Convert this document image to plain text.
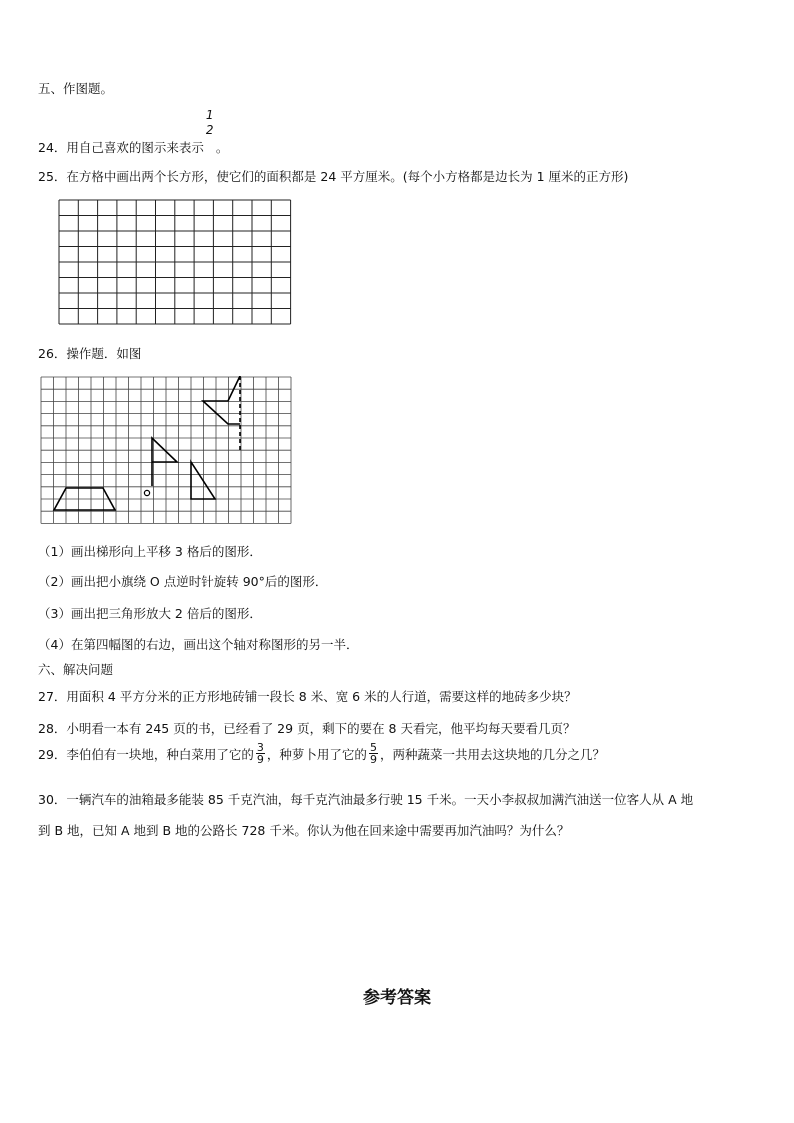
五、作图题。
24．用自己喜欢的图示来表示
1
2
。
25．在方格中画出两个长方形，使它们的面积都是 24 平方厘米。(每个小方格都是边长为 1 厘米的正方形)
26．操作题．如图
（1）画出梯形向上平移 3 格后的图形．
（2）画出把小旗绕 O 点逆时针旋转 90°后的图形．
（3）画出把三角形放大 2 倍后的图形．
（4）在第四幅图的右边，画出这个轴对称图形的另一半．
六、解决问题
27．用面积 4 平方分米的正方形地砖铺一段长 8 米、宽 6 米的人行道，需要这样的地砖多少块？
28．小明看一本有 245 页的书，已经看了 29 页，剩下的要在 8 天看完，他平均每天要看几页？
29．李伯伯有一块地，种白菜用了它的 $\frac{3}{9}$ ，种萝卜用了它的 $\frac{5}{9}$ ，两种蔬菜一共用去这块地的几分之几？
30．一辆汽车的油箱最多能装 85 千克汽油，每千克汽油最多行驶 15 千米。一天小李叔叔加满汽油送一位客人从 A 地
到 B 地，已知 A 地到 B 地的公路长 728 千米。你认为他在回来途中需要再加汽油吗？为什么？
参考答案
